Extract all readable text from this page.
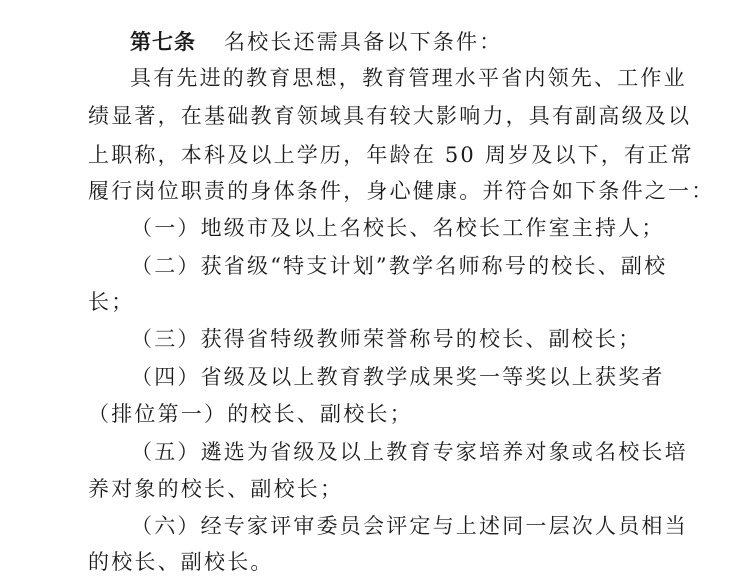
第七条 名校长还需具备以下条件：
具有先进的教育思想，教育管理水平省内领先、工作业
绩显著，在基础教育领域具有较大影响力，具有副高级及以
上职称，本科及以上学历，年龄在 50 周岁及以下，有正常
履行岗位职责的身体条件，身心健康。并符合如下条件之一：
（一）地级市及以上名校长、名校长工作室主持人；
（二）获省级“特支计划”教学名师称号的校长、副校
长；
（三）获得省特级教师荣誉称号的校长、副校长；
（四）省级及以上教育教学成果奖一等奖以上获奖者
（排位第一）的校长、副校长；
（五）遴选为省级及以上教育专家培养对象或名校长培
养对象的校长、副校长；
（六）经专家评审委员会评定与上述同一层次人员相当
的校长、副校长。
